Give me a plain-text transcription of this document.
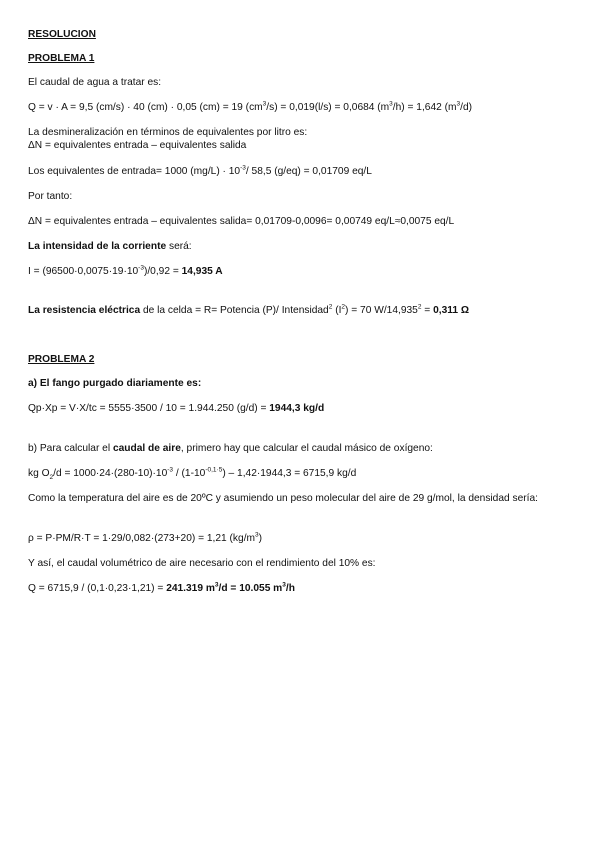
RESOLUCION
PROBLEMA 1
El caudal de agua a tratar es:
Q = v · A = 9,5 (cm/s) · 40 (cm) · 0,05 (cm) = 19 $(cm^3/s) = 0,019(l/s) = 0,0684$ $(m^3/h) = 1,642$ $(m^3/d)$
La desmineralización en términos de equivalentes por litro es:
ΔN = equivalentes entrada – equivalentes salida
Los equivalentes de entrada= 1000 $(mg/L) \cdot 10^{-3}/$ 58,5 (g/eq) = 0,01709 eq/L
Por tanto:
ΔN = equivalentes entrada – equivalentes salida= 0,01709-0,0096= 0,00749 eq/L≈0,0075 eq/L
La intensidad de la corriente será:
$I = (96500\cdot 0,0075\cdot 19\cdot 10^{-3})/0,92 = 14,935$ A
La resistencia eléctrica de la celda = R= Potencia (P)/ Intensidad$^2$ $(I^2) = 70$ $W/14,935^2 = 0,311$ Ω
PROBLEMA 2
a) El fango purgado diariamente es:
Qp·Xp = V·X/tc = 5555·3500 / 10 = 1.944.250 (g/d) = 1944,3 kg/d
b) Para calcular el caudal de aire, primero hay que calcular el caudal másico de oxígeno:
kg $O_2/d = 1000\cdot 24\cdot(280-10)\cdot 10^{-3} / (1-10^{-0,1\cdot 5}) - 1,42\cdot 1944,3 = 6715,9$ kg/d
Como la temperatura del aire es de 20ºC y asumiendo un peso molecular del aire de 29 g/mol, la densidad sería:
ρ = P·PM/R·T = 1·29/0,082·(273+20) = 1,21 $(kg/m^3)$
Y así, el caudal volumétrico de aire necesario con el rendimiento del 10% es:
Q = 6715,9 / (0,1·0,23·1,21) = 241.319 $m^3/d = 10.055$ $m^3/h$
